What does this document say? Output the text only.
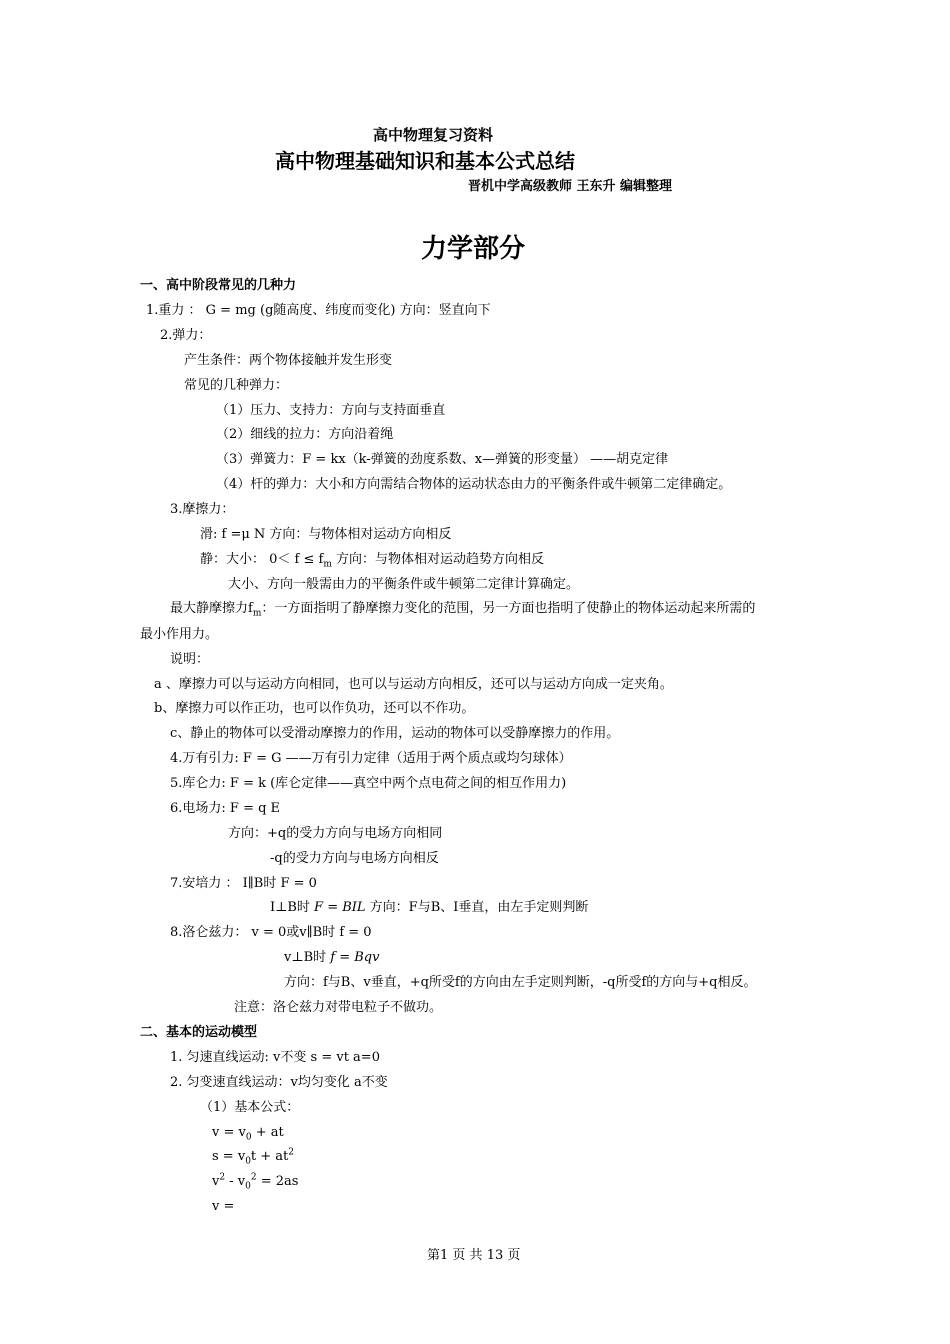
高中物理复习资料
高中物理基础知识和基本公式总结
晋机中学高级教师 王东升 编辑整理
力学部分
一、高中阶段常见的几种力
1.重力 ： G = mg (g随高度、纬度而变化) 方向：竖直向下
2.弹力：
产生条件：两个物体接触并发生形变
常见的几种弹力：
（1）压力、支持力：方向与支持面垂直
（2）细线的拉力：方向沿着绳
（3）弹簧力：F = kx（k-弹簧的劲度系数、x—弹簧的形变量） ——胡克定律
（4）杆的弹力：大小和方向需结合物体的运动状态由力的平衡条件或牛顿第二定律确定。
3.摩擦力：
滑: f =μ N 方向：与物体相对运动方向相反
静：大小： $0< f \le f_m$ 方向：与物体相对运动趋势方向相反
大小、方向一般需由力的平衡条件或牛顿第二定律计算确定。
最大静摩擦力$f_m$：一方面指明了静摩擦力变化的范围，另一方面也指明了使静止的物体运动起来所需的
最小作用力。
说明：
a 、摩擦力可以与运动方向相同，也可以与运动方向相反，还可以与运动方向成一定夹角。
b、摩擦力可以作正功，也可以作负功，还可以不作功。
c、静止的物体可以受滑动摩擦力的作用，运动的物体可以受静摩擦力的作用。
4.万有引力: F = G ——万有引力定律（适用于两个质点或均匀球体）
5.库仑力: F = k (库仑定律——真空中两个点电荷之间的相互作用力)
6.电场力: F = q E
方向：+q的受力方向与电场方向相同
-q的受力方向与电场方向相反
7.安培力 ： I∥B时 F = 0
I⊥B时 F = BIL 方向：F与B、I垂直，由左手定则判断
8.洛仑兹力： v = 0或v∥B时 f = 0
v⊥B时 f = Bqv
方向：f与B、v垂直，+q所受f的方向由左手定则判断，-q所受f的方向与+q相反。
注意：洛仑兹力对带电粒子不做功。
二、基本的运动模型
1. 匀速直线运动: v不变 s = vt a=0
2. 匀变速直线运动：v均匀变化 a不变
（1）基本公式：
$v = v_0$ + at
$s = v_0t + at^2$
$v^2 - v_0^2 = 2as$
v =
第1 页 共 13 页
